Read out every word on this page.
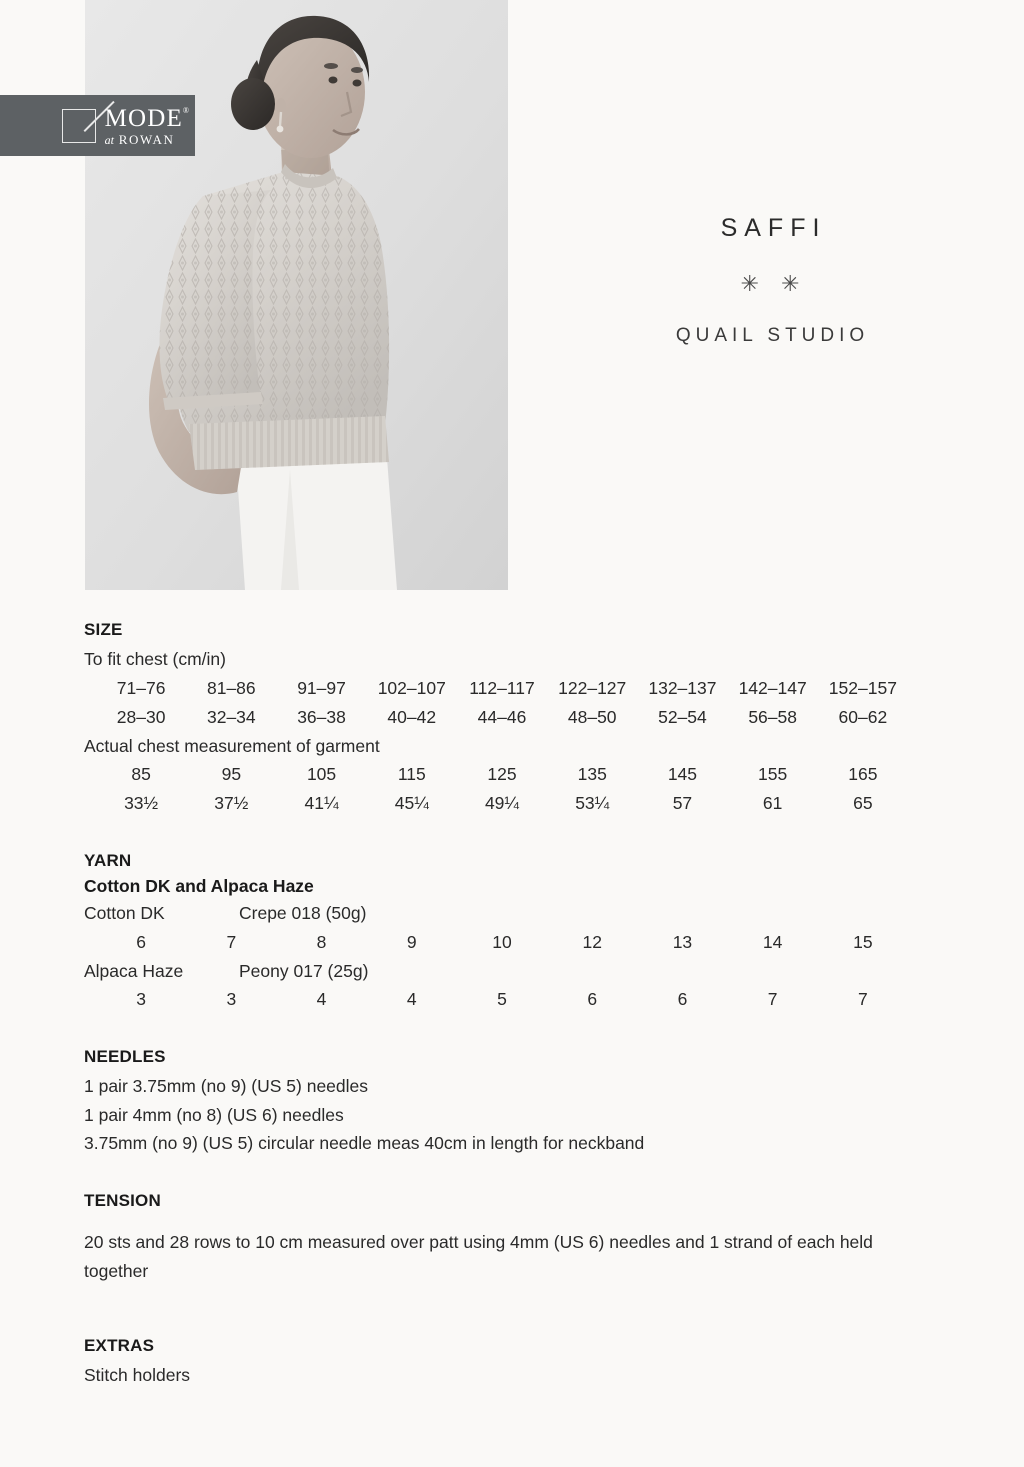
MODE ®
at ROWAN
SAFFI
✳ ✳
QUAIL STUDIO
SIZE

To fit chest (cm/in)

71–76	81–86	91–97	102–107	112–117	122–127	132–137	142–147	152–157
28–30	32–34	36–38	40–42	44–46	48–50	52–54	56–58	60–62

Actual chest measurement of garment

85	95	105	115	125	135	145	155	165
33½	37½	41¼	45¼	49¼	53¼	57	61	65
YARN

Cotton DK and Alpaca Haze

Cotton DK	Crepe 018 (50g)
6	7	8	9	10	12	13	14	15
Alpaca Haze	Peony 017 (25g)
3	3	4	4	5	6	6	7	7
NEEDLES

1 pair 3.75mm (no 9) (US 5) needles

1 pair 4mm (no 8) (US 6) needles

3.75mm (no 9) (US 5) circular needle meas 40cm in length for neckband

TENSION

20 sts and 28 rows to 10 cm measured over patt using 4mm (US 6) needles and 1 strand of each held together

EXTRAS

Stitch holders
